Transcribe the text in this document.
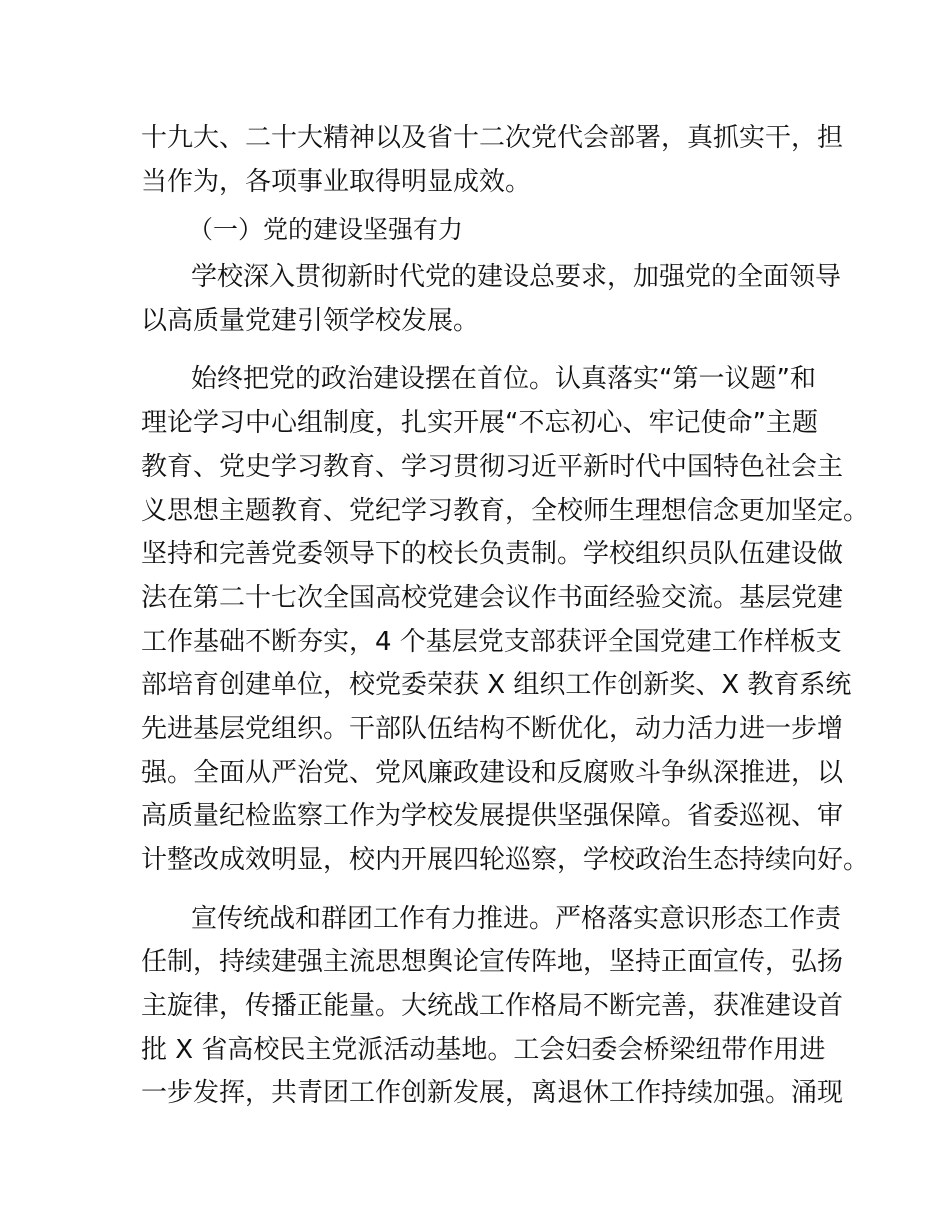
十九大、二十大精神以及省十二次党代会部署，真抓实干，担

当作为，各项事业取得明显成效。

（一）党的建设坚强有力

学校深入贯彻新时代党的建设总要求，加强党的全面领导

以高质量党建引领学校发展。

始终把党的政治建设摆在首位。认真落实“第一议题”和

理论学习中心组制度，扎实开展“不忘初心、牢记使命”主题

教育、党史学习教育、学习贯彻习近平新时代中国特色社会主

义思想主题教育、党纪学习教育，全校师生理想信念更加坚定。

坚持和完善党委领导下的校长负责制。学校组织员队伍建设做

法在第二十七次全国高校党建会议作书面经验交流。基层党建

工作基础不断夯实，4 个基层党支部获评全国党建工作样板支

部培育创建单位，校党委荣获 X 组织工作创新奖、X 教育系统

先进基层党组织。干部队伍结构不断优化，动力活力进一步增

强。全面从严治党、党风廉政建设和反腐败斗争纵深推进，以

高质量纪检监察工作为学校发展提供坚强保障。省委巡视、审

计整改成效明显，校内开展四轮巡察，学校政治生态持续向好。

宣传统战和群团工作有力推进。严格落实意识形态工作责

任制，持续建强主流思想舆论宣传阵地，坚持正面宣传，弘扬

主旋律，传播正能量。大统战工作格局不断完善，获准建设首

批 X 省高校民主党派活动基地。工会妇委会桥梁纽带作用进

一步发挥，共青团工作创新发展，离退休工作持续加强。涌现
